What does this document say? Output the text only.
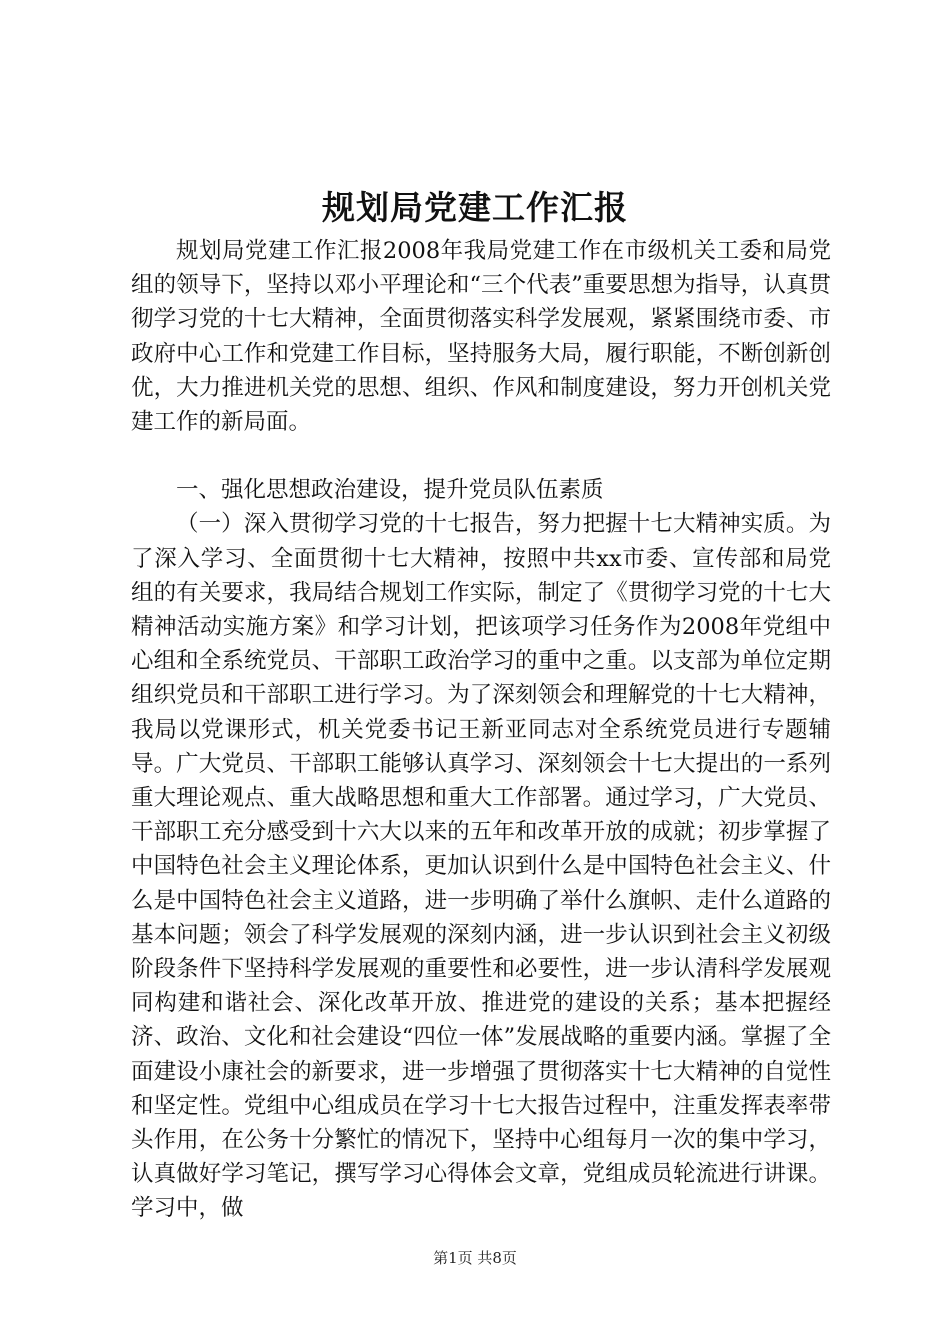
规划局党建工作汇报

规划局党建工作汇报2008年我局党建工作在市级机关工委和局党组的领导下，坚持以邓小平理论和“三个代表”重要思想为指导，认真贯彻学习党的十七大精神，全面贯彻落实科学发展观，紧紧围绕市委、市政府中心工作和党建工作目标，坚持服务大局，履行职能，不断创新创优，大力推进机关党的思想、组织、作风和制度建设，努力开创机关党建工作的新局面。

一、强化思想政治建设，提升党员队伍素质

（一）深入贯彻学习党的十七报告，努力把握十七大精神实质。为了深入学习、全面贯彻十七大精神，按照中共xx市委、宣传部和局党组的有关要求，我局结合规划工作实际，制定了《贯彻学习党的十七大精神活动实施方案》和学习计划，把该项学习任务作为2008年党组中心组和全系统党员、干部职工政治学习的重中之重。以支部为单位定期组织党员和干部职工进行学习。为了深刻领会和理解党的十七大精神，我局以党课形式，机关党委书记王新亚同志对全系统党员进行专题辅导。广大党员、干部职工能够认真学习、深刻领会十七大提出的一系列重大理论观点、重大战略思想和重大工作部署。通过学习，广大党员、干部职工充分感受到十六大以来的五年和改革开放的成就；初步掌握了中国特色社会主义理论体系，更加认识到什么是中国特色社会主义、什么是中国特色社会主义道路，进一步明确了举什么旗帜、走什么道路的基本问题；领会了科学发展观的深刻内涵，进一步认识到社会主义初级阶段条件下坚持科学发展观的重要性和必要性，进一步认清科学发展观同构建和谐社会、深化改革开放、推进党的建设的关系；基本把握经济、政治、文化和社会建设“四位一体”发展战略的重要内涵。掌握了全面建设小康社会的新要求，进一步增强了贯彻落实十七大精神的自觉性和坚定性。党组中心组成员在学习十七大报告过程中，注重发挥表率带头作用，在公务十分繁忙的情况下，坚持中心组每月一次的集中学习，认真做好学习笔记，撰写学习心得体会文章，党组成员轮流进行讲课。学习中，做

第1页 共8页
